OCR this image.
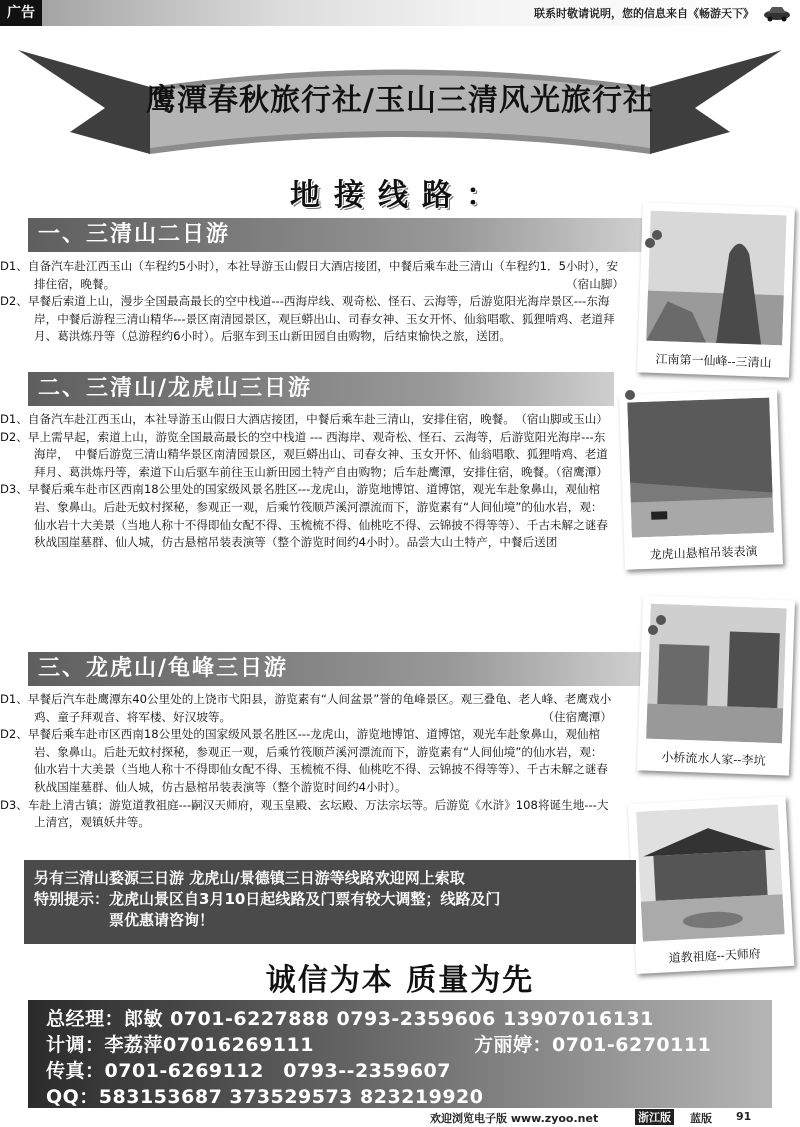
广告	联系时敬请说明，您的信息来自《畅游天下》
鹰潭春秋旅行社/玉山三清风光旅行社
地接线路：
一、三清山二日游

D1、自备汽车赴江西玉山（车程约5小时），本社导游玉山假日大酒店接团，中餐后乘车赴三清山（车程约1．5小时），安排住宿，晚餐。	（宿山脚）

D2、早餐后索道上山，漫步全国最高最长的空中栈道---西海岸线、观奇松、怪石、云海等，后游览阳光海岸景区---东海岸，中餐后游程三清山精华---景区南清园景区，观巨蟒出山、司春女神、玉女开怀、仙翁唱歌、狐狸啃鸡、老道拜月、葛洪炼丹等（总游程约6小时）。后驱车到玉山新田园自由购物，后结束愉快之旅，送团。

二、三清山/龙虎山三日游

D1、自备汽车赴江西玉山，本社导游玉山假日大酒店接团，中餐后乘车赴三清山，安排住宿，晚餐。 （宿山脚或玉山）

D2、早上需早起，索道上山，游览全国最高最长的空中栈道 --- 西海岸、观奇松、怪石、云海等，后游览阳光海岸---东海岸，　中餐后游览三清山精华景区南清园景区，观巨蟒出山、司春女神、玉女开怀、仙翁唱歌、狐狸啃鸡、老道拜月、葛洪炼丹等，索道下山后驱车前往玉山新田园土特产自由购物；后车赴鹰潭，安排住宿，晚餐。（宿鹰潭）

D3、早餐后乘车赴市区西南18公里处的国家级风景名胜区---龙虎山，游览地博馆、道博馆，观光车赴象鼻山，观仙棺岩、象鼻山。后赴无蚊村探秘，参观正一观，后乘竹筏顺芦溪河漂流而下，游览素有“人间仙境”的仙水岩，观：仙水岩十大美景（当地人称十不得即仙女配不得、玉梳梳不得、仙桃吃不得、云锦披不得等等）、千古未解之谜春秋战国崖墓群、仙人城，仿古悬棺吊装表演等（整个游览时间约4小时）。品尝大山土特产，中餐后送团

三、龙虎山/龟峰三日游

D1、早餐后汽车赴鹰潭东40公里处的上饶市弋阳县，游览素有“人间盆景”誉的龟峰景区。观三叠龟、老人峰、老鹰戏小鸡、童子拜观音、将军楼、好汉坡等。	（住宿鹰潭）

D2、早餐后乘车赴市区西南18公里处的国家级风景名胜区---龙虎山，游览地博馆、道博馆，观光车赴象鼻山，观仙棺岩、象鼻山。后赴无蚊村探秘，参观正一观，后乘竹筏顺芦溪河漂流而下，游览素有“人间仙境”的仙水岩，观：仙水岩十大美景（当地人称十不得即仙女配不得、玉梳梳不得、仙桃吃不得、云锦披不得等等）、千古未解之谜春秋战国崖墓群、仙人城，仿古悬棺吊装表演等（整个游览时间约4小时）。

D3、车赴上清古镇；游览道教祖庭---嗣汉天师府，观玉皇殿、玄坛殿、万法宗坛等。后游览《水浒》108将诞生地---大上清宫，观镇妖井等。

江南第一仙峰--三清山
龙虎山悬棺吊装表演
小桥流水人家--李坑
道教祖庭--天师府
另有三清山婺源三日游 龙虎山/景德镇三日游等线路欢迎网上索取
特别提示：龙虎山景区自3月10日起线路及门票有较大调整；线路及门
　　　　　票优惠请咨询！
诚信为本 质量为先
总经理：郎敏 0701-6227888 0793-2359606 13907016131
计调：李荔萍07016269111	方丽婷：0701-6270111
传真：0701-6269112　0793--2359607
QQ：583153687 373529573 823219920
欢迎浏览电子版 www.zyoo.net	浙江版 蓝版 91
